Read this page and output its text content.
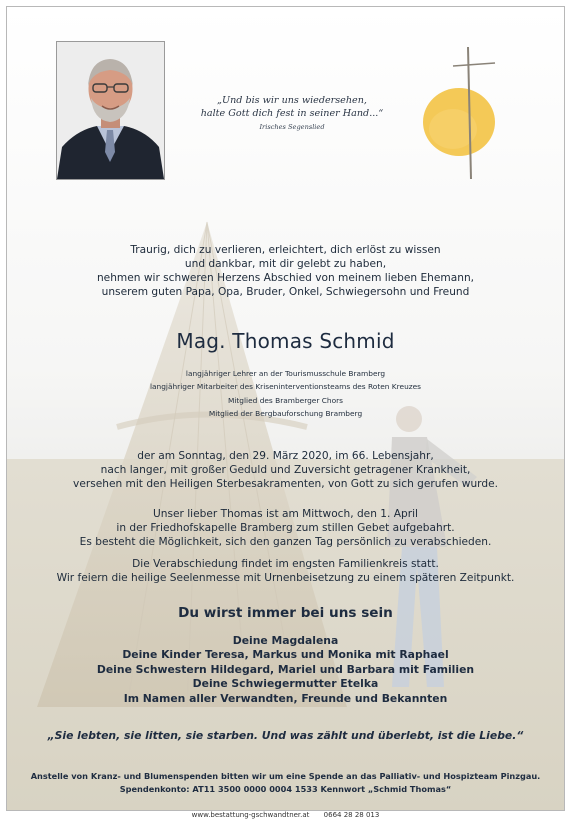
„Und bis wir uns wiedersehen,
halte Gott dich fest in seiner Hand...“
Irisches Segenslied
Traurig, dich zu verlieren, erleichtert, dich erlöst zu wissen
und dankbar, mit dir gelebt zu haben,
nehmen wir schweren Herzens Abschied von meinem lieben Ehemann,
unserem guten Papa, Opa, Bruder, Onkel, Schwiegersohn und Freund
Mag. Thomas Schmid
langjähriger Lehrer an der Tourismusschule Bramberg
langjähriger Mitarbeiter des Kriseninterventionsteams des Roten Kreuzes
Mitglied des Bramberger Chors
Mitglied der Bergbauforschung Bramberg
der am Sonntag, den 29. März 2020, im 66. Lebensjahr,
nach langer, mit großer Geduld und Zuversicht getragener Krankheit,
versehen mit den Heiligen Sterbesakramenten, von Gott zu sich gerufen wurde.
Unser lieber Thomas ist am Mittwoch, den 1. April
in der Friedhofskapelle Bramberg zum stillen Gebet aufgebahrt.
Es besteht die Möglichkeit, sich den ganzen Tag persönlich zu verabschieden.
Die Verabschiedung findet im engsten Familienkreis statt.
Wir feiern die heilige Seelenmesse mit Urnenbeisetzung zu einem späteren Zeitpunkt.
Du wirst immer bei uns sein
Deine Magdalena
Deine Kinder Teresa, Markus und Monika mit Raphael
Deine Schwestern Hildegard, Mariel und Barbara mit Familien
Deine Schwiegermutter Etelka
Im Namen aller Verwandten, Freunde und Bekannten
„Sie lebten, sie litten, sie starben. Und was zählt und überlebt, ist die Liebe.“
Anstelle von Kranz- und Blumenspenden bitten wir um eine Spende an das Palliativ- und Hospizteam Pinzgau.
Spendenkonto: AT11 3500 0000 0004 1533 Kennwort „Schmid Thomas“
www.bestattung-gschwandtner.at 0664 28 28 013
